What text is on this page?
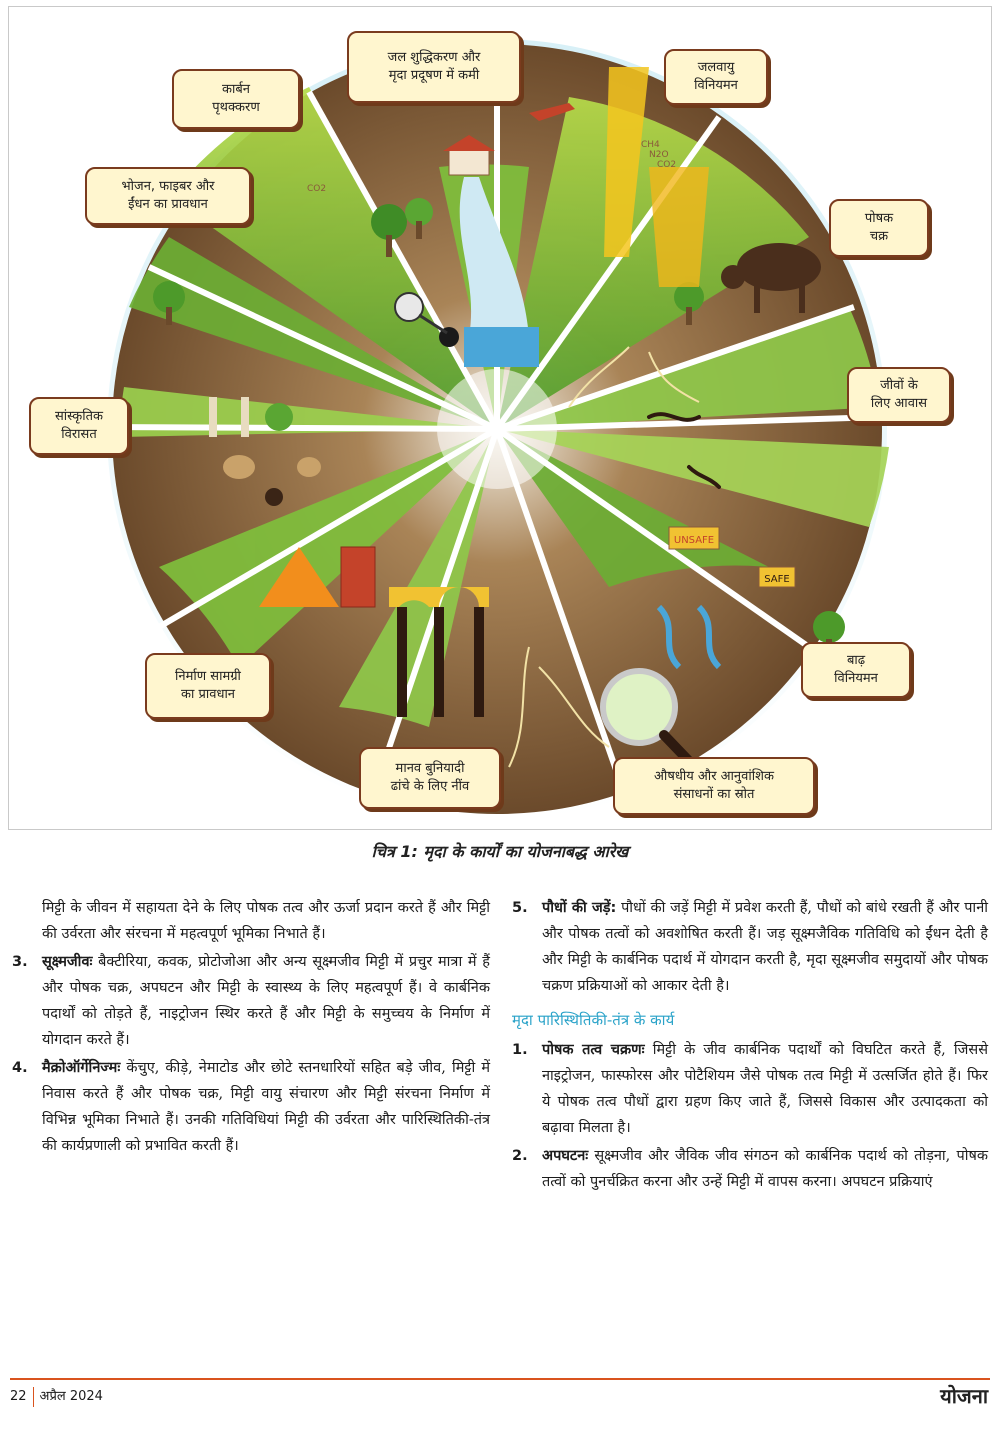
UNSAFE
SAFE
CH4
N2O
CO2
CO2
कार्बन
पृथक्करण
जल शुद्धिकरण और
मृदा प्रदूषण में कमी
जलवायु
विनियमन
भोजन, फाइबर और
ईंधन का प्रावधान
पोषक
चक्र
जीवों के
लिए आवास
सांस्कृतिक
विरासत
निर्माण सामग्री
का प्रावधान
बाढ़
विनियमन
मानव बुनियादी
ढांचे के लिए नींव
औषधीय और आनुवांशिक
संसाधनों का स्रोत
चित्र 1: मृदा के कार्यों का योजनाबद्ध आरेख

मिट्टी के जीवन में सहायता देने के लिए पोषक तत्व और ऊर्जा प्रदान करते हैं और मिट्टी की उर्वरता और संरचना में महत्वपूर्ण भूमिका निभाते हैं।

3. सूक्ष्मजीवः बैक्टीरिया, कवक, प्रोटोजोआ और अन्य सूक्ष्मजीव मिट्टी में प्रचुर मात्रा में हैं और पोषक चक्र, अपघटन और मिट्टी के स्वास्थ्य के लिए महत्वपूर्ण हैं। वे कार्बनिक पदार्थों को तोड़ते हैं, नाइट्रोजन स्थिर करते हैं और मिट्टी के समुच्चय के निर्माण में योगदान करते हैं।
4. मैक्रोऑर्गेनिज्मः केंचुए, कीड़े, नेमाटोड और छोटे स्तनधारियों सहित बड़े जीव, मिट्टी में निवास करते हैं और पोषक चक्र, मिट्टी वायु संचारण और मिट्टी संरचना निर्माण में विभिन्न भूमिका निभाते हैं। उनकी गतिविधियां मिट्टी की उर्वरता और पारिस्थितिकी-तंत्र की कार्यप्रणाली को प्रभावित करती हैं।
5. पौधों की जड़ें: पौधों की जड़ें मिट्टी में प्रवेश करती हैं, पौधों को बांधे रखती हैं और पानी और पोषक तत्वों को अवशोषित करती हैं। जड़ सूक्ष्मजैविक गतिविधि को ईंधन देती है और मिट्टी के कार्बनिक पदार्थ में योगदान करती है, मृदा सूक्ष्मजीव समुदायों और पोषक चक्रण प्रक्रियाओं को आकार देती है।
मृदा पारिस्थितिकी-तंत्र के कार्य
1. पोषक तत्व चक्रणः मिट्टी के जीव कार्बनिक पदार्थों को विघटित करते हैं, जिससे नाइट्रोजन, फास्फोरस और पोटैशियम जैसे पोषक तत्व मिट्टी में उत्सर्जित होते हैं। फिर ये पोषक तत्व पौधों द्वारा ग्रहण किए जाते हैं, जिससे विकास और उत्पादकता को बढ़ावा मिलता है।
2. अपघटनः सूक्ष्मजीव और जैविक जीव संगठन को कार्बनिक पदार्थ को तोड़ना, पोषक तत्वों को पुनर्चक्रित करना और उन्हें मिट्टी में वापस करना। अपघटन प्रक्रियाएं
22 अप्रैल 2024	योजना
